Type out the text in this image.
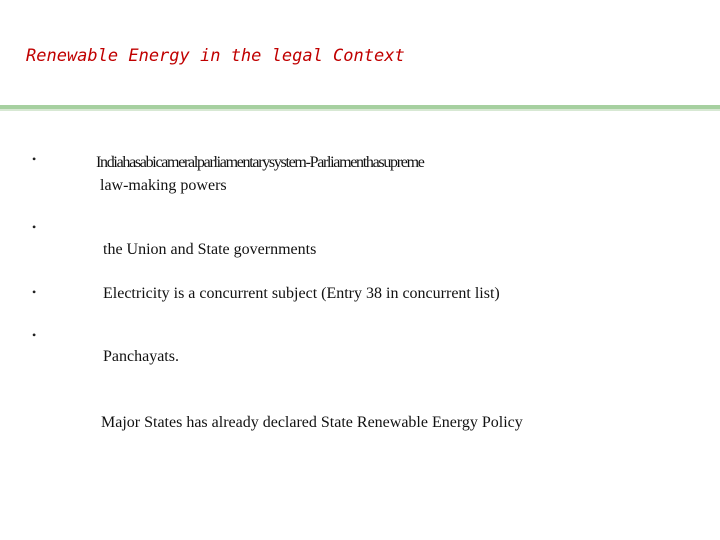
Renewable Energy in the legal Context
•	Indiahasabicameralparliamentarysystem-Parliamenthasupreme
law-making powers
•
the Union and State governments
•	Electricity is a concurrent subject (Entry 38 in concurrent list)
•
Panchayats.
Major States has already declared State Renewable Energy Policy
